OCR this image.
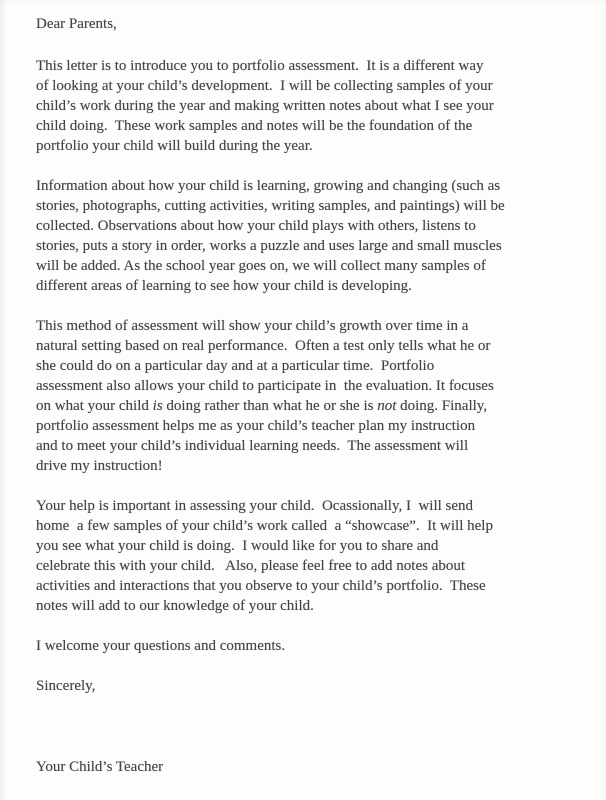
Dear Parents,

This letter is to introduce you to portfolio assessment.  It is a different way
of looking at your child’s development.  I will be collecting samples of your
child’s work during the year and making written notes about what I see your
child doing.  These work samples and notes will be the foundation of the
portfolio your child will build during the year.

Information about how your child is learning, growing and changing (such as
stories, photographs, cutting activities, writing samples, and paintings) will be
collected. Observations about how your child plays with others, listens to
stories, puts a story in order, works a puzzle and uses large and small muscles
will be added. As the school year goes on, we will collect many samples of
different areas of learning to see how your child is developing.

This method of assessment will show your child’s growth over time in a
natural setting based on real performance.  Often a test only tells what he or
she could do on a particular day and at a particular time.  Portfolio
assessment also allows your child to participate in  the evaluation. It focuses
on what your child is doing rather than what he or she is not doing. Finally,
portfolio assessment helps me as your child’s teacher plan my instruction
and to meet your child’s individual learning needs.  The assessment will
drive my instruction!

Your help is important in assessing your child.  Ocassionally, I  will send
home  a few samples of your child’s work called  a “showcase”.  It will help
you see what your child is doing.  I would like for you to share and
celebrate this with your child.   Also, please feel free to add notes about
activities and interactions that you observe to your child’s portfolio.  These
notes will add to our knowledge of your child.

I welcome your questions and comments.

Sincerely,

Your Child’s Teacher
